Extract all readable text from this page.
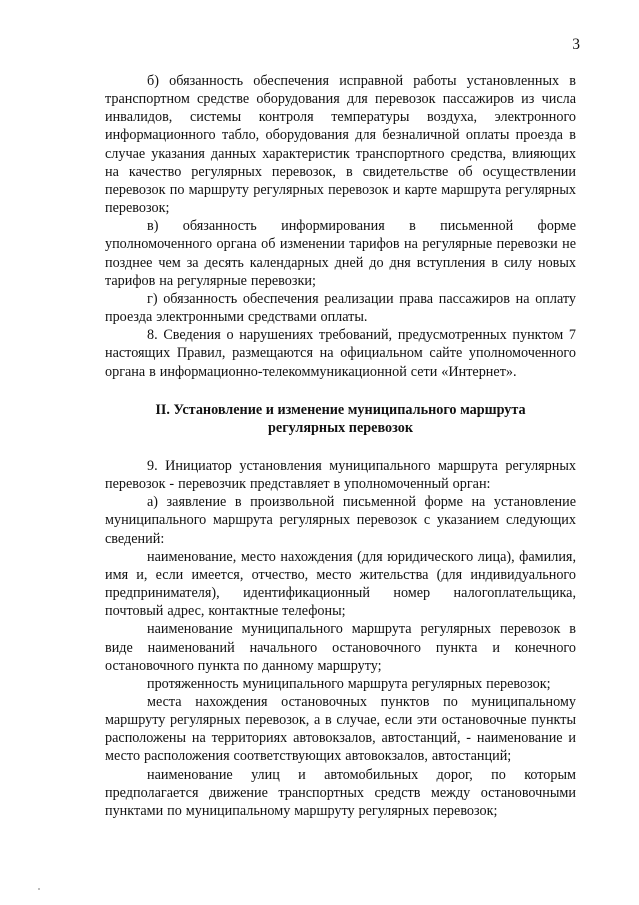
3

б) обязанность обеспечения исправной работы установленных в транспортном средстве оборудования для перевозок пассажиров из числа инвалидов, системы контроля температуры воздуха, электронного информационного табло, оборудования для безналичной оплаты проезда в случае указания данных характеристик транспортного средства, влияющих на качество регулярных перевозок, в свидетельстве об осуществлении перевозок по маршруту регулярных перевозок и карте маршрута регулярных перевозок;

в) обязанность информирования в письменной форме уполномоченного органа об изменении тарифов на регулярные перевозки не позднее чем за десять календарных дней до дня вступления в силу новых тарифов на регулярные перевозки;

г) обязанность обеспечения реализации права пассажиров на оплату проезда электронными средствами оплаты.

8. Сведения о нарушениях требований, предусмотренных пунктом 7 настоящих Правил, размещаются на официальном сайте уполномоченного органа в информационно-телекоммуникационной сети «Интернет».

II. Установление и изменение муниципального маршрута

регулярных перевозок

9. Инициатор установления муниципального маршрута регулярных перевозок - перевозчик представляет в уполномоченный орган:

а) заявление в произвольной письменной форме на установление муниципального маршрута регулярных перевозок с указанием следующих сведений:

наименование, место нахождения (для юридического лица), фамилия, имя и, если имеется, отчество, место жительства (для индивидуального предпринимателя), идентификационный номер налогоплательщика, почтовый адрес, контактные телефоны;

наименование муниципального маршрута регулярных перевозок в виде наименований начального остановочного пункта и конечного остановочного пункта по данному маршруту;

протяженность муниципального маршрута регулярных перевозок;

места нахождения остановочных пунктов по муниципальному маршруту регулярных перевозок, а в случае, если эти остановочные пункты расположены на территориях автовокзалов, автостанций, - наименование и место расположения соответствующих автовокзалов, автостанций;

наименование улиц и автомобильных дорог, по которым предполагается движение транспортных средств между остановочными пунктами по муниципальному маршруту регулярных перевозок;
